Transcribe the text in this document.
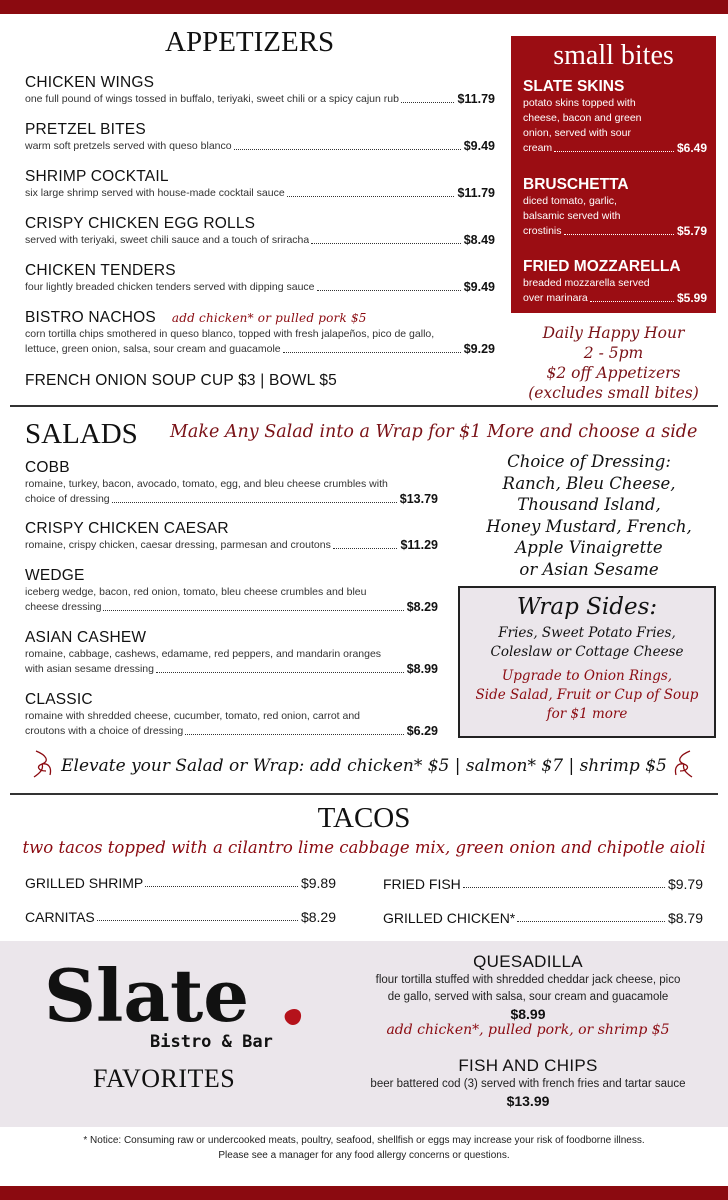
APPETIZERS
CHICKEN WINGS
one full pound of wings tossed in buffalo, teriyaki, sweet chili or a spicy cajun rub	$11.79
PRETZEL BITES
warm soft pretzels served with queso blanco	$9.49
SHRIMP COCKTAIL
six large shrimp served with house-made cocktail sauce	$11.79
CRISPY CHICKEN EGG ROLLS
served with teriyaki, sweet chili sauce and a touch of sriracha	$8.49
CHICKEN TENDERS
four lightly breaded chicken tenders served with dipping sauce	$9.49
BISTRO NACHOS add chicken* or pulled pork $5
corn tortilla chips smothered in queso blanco, topped with fresh jalapeños, pico de gallo,
lettuce, green onion, salsa, sour cream and guacamole	$9.29
FRENCH ONION SOUP CUP $3 | BOWL $5
small bites
SLATE SKINS
potato skins topped with
cheese, bacon and green
onion, served with sour
cream	$6.49
BRUSCHETTA
diced tomato, garlic,
balsamic served with
crostinis	$5.79
FRIED MOZZARELLA
breaded mozzarella served
over marinara	$5.99
Daily Happy Hour
2 - 5pm
$2 off Appetizers
(excludes small bites)
SALADS Make Any Salad into a Wrap for $1 More and choose a side
COBB
romaine, turkey, bacon, avocado, tomato, egg, and bleu cheese crumbles with
choice of dressing	$13.79
CRISPY CHICKEN CAESAR
romaine, crispy chicken, caesar dressing, parmesan and croutons	$11.29
WEDGE
iceberg wedge, bacon, red onion, tomato, bleu cheese crumbles and bleu
cheese dressing	$8.29
ASIAN CASHEW
romaine, cabbage, cashews, edamame, red peppers, and mandarin oranges
with asian sesame dressing	$8.99
CLASSIC
romaine with shredded cheese, cucumber, tomato, red onion, carrot and
croutons with a choice of dressing	$6.29
Choice of Dressing:
Ranch, Bleu Cheese,
Thousand Island,
Honey Mustard, French,
Apple Vinaigrette
or Asian Sesame
Wrap Sides:
Fries, Sweet Potato Fries,
Coleslaw or Cottage Cheese
Upgrade to Onion Rings,
Side Salad, Fruit or Cup of Soup
for $1 more
Elevate your Salad or Wrap: add chicken* $5 | salmon* $7 | shrimp $5
TACOS
two tacos topped with a cilantro lime cabbage mix, green onion and chipotle aioli
GRILLED SHRIMP	$9.89
CARNITAS	$8.29
FRIED FISH	$9.79
GRILLED CHICKEN*	$8.79
Slate
Bistro & Bar
FAVORITES
QUESADILLA
flour tortilla stuffed with shredded cheddar jack cheese, pico
de gallo, served with salsa, sour cream and guacamole
$8.99
add chicken*, pulled pork, or shrimp $5
FISH AND CHIPS
beer battered cod (3) served with french fries and tartar sauce
$13.99
* Notice: Consuming raw or undercooked meats, poultry, seafood, shellfish or eggs may increase your risk of foodborne illness.
Please see a manager for any food allergy concerns or questions.
